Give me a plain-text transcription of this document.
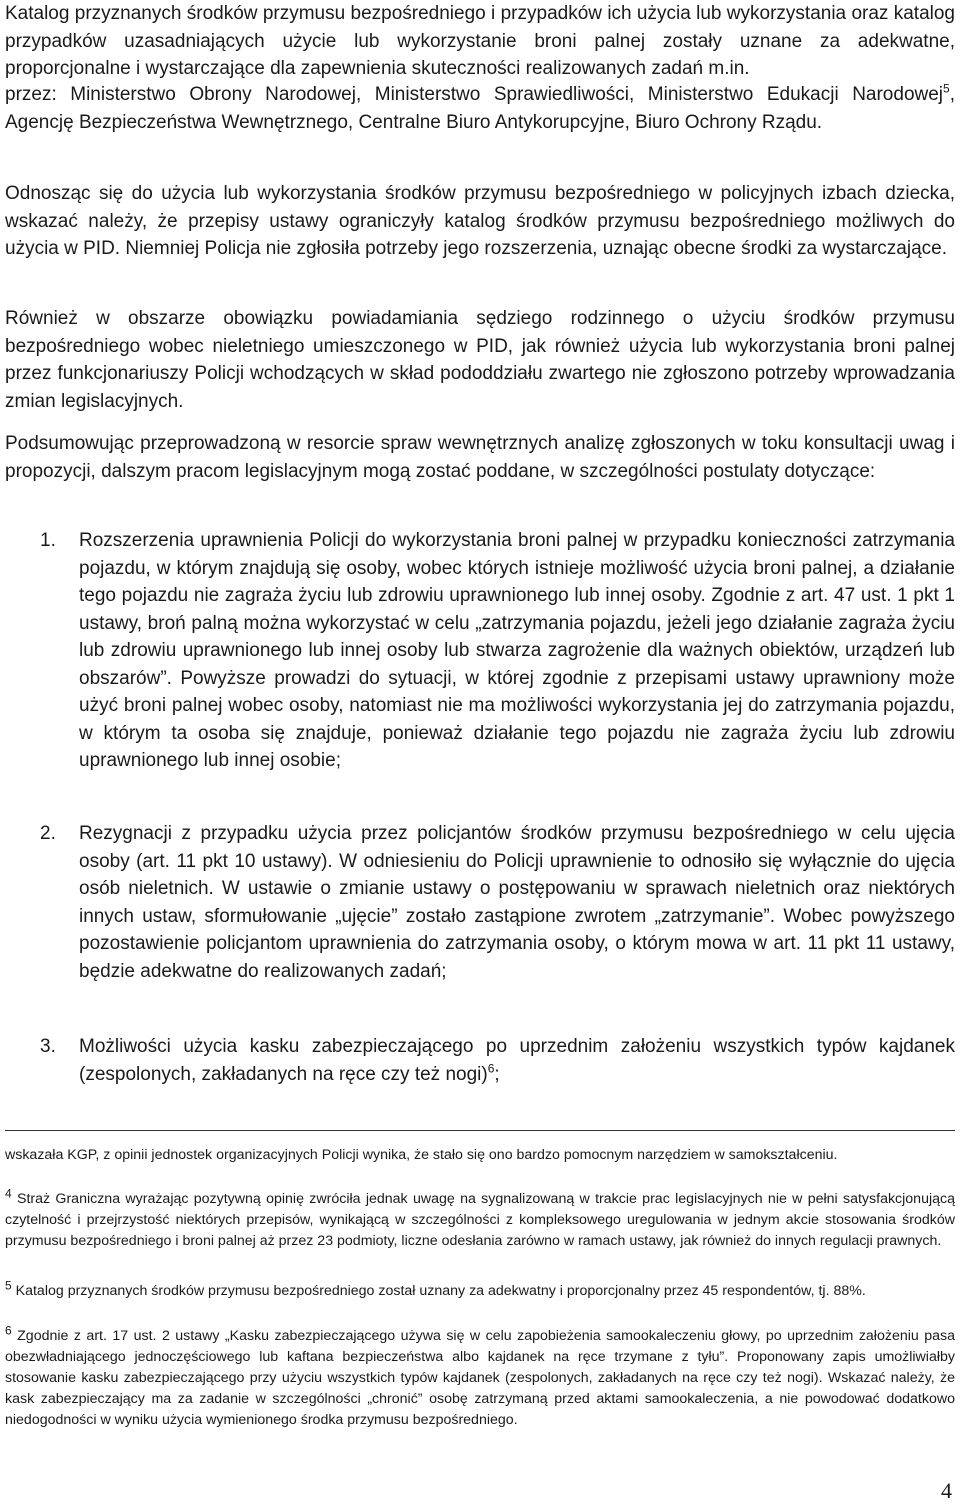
Katalog przyznanych środków przymusu bezpośredniego i przypadków ich użycia lub wykorzystania oraz katalog przypadków uzasadniających użycie lub wykorzystanie broni palnej zostały uznane za adekwatne, proporcjonalne i wystarczające dla zapewnienia skuteczności realizowanych zadań m.in.

przez: Ministerstwo Obrony Narodowej, Ministerstwo Sprawiedliwości, Ministerstwo Edukacji Narodowej$^5$, Agencję Bezpieczeństwa Wewnętrznego, Centralne Biuro Antykorupcyjne, Biuro Ochrony Rządu.

Odnosząc się do użycia lub wykorzystania środków przymusu bezpośredniego w policyjnych izbach dziecka, wskazać należy, że przepisy ustawy ograniczyły katalog środków przymusu bezpośredniego możliwych do użycia w PID. Niemniej Policja nie zgłosiła potrzeby jego rozszerzenia, uznając obecne środki za wystarczające.

Również w obszarze obowiązku powiadamiania sędziego rodzinnego o użyciu środków przymusu bezpośredniego wobec nieletniego umieszczonego w PID, jak również użycia lub wykorzystania broni palnej przez funkcjonariuszy Policji wchodzących w skład pododdziału zwartego nie zgłoszono potrzeby wprowadzania zmian legislacyjnych.

Podsumowując przeprowadzoną w resorcie spraw wewnętrznych analizę zgłoszonych w toku konsultacji uwag i propozycji, dalszym pracom legislacyjnym mogą zostać poddane, w szczególności postulaty dotyczące:

1.	Rozszerzenia uprawnienia Policji do wykorzystania broni palnej w przypadku konieczności zatrzymania pojazdu, w którym znajdują się osoby, wobec których istnieje możliwość użycia broni palnej, a działanie tego pojazdu nie zagraża życiu lub zdrowiu uprawnionego lub innej osoby. Zgodnie z art. 47 ust. 1 pkt 1 ustawy, broń palną można wykorzystać w celu „zatrzymania pojazdu, jeżeli jego działanie zagraża życiu lub zdrowiu uprawnionego lub innej osoby lub stwarza zagrożenie dla ważnych obiektów, urządzeń lub obszarów”. Powyższe prowadzi do sytuacji, w której zgodnie z przepisami ustawy uprawniony może użyć broni palnej wobec osoby, natomiast nie ma możliwości wykorzystania jej do zatrzymania pojazdu, w którym ta osoba się znajduje, ponieważ działanie tego pojazdu nie zagraża życiu lub zdrowiu uprawnionego lub innej osobie;

2.	Rezygnacji z przypadku użycia przez policjantów środków przymusu bezpośredniego w celu ujęcia osoby (art. 11 pkt 10 ustawy). W odniesieniu do Policji uprawnienie to odnosiło się wyłącznie do ujęcia osób nieletnich. W ustawie o zmianie ustawy o postępowaniu w sprawach nieletnich oraz niektórych innych ustaw, sformułowanie „ujęcie” zostało zastąpione zwrotem „zatrzymanie”. Wobec powyższego pozostawienie policjantom uprawnienia do zatrzymania osoby, o którym mowa w art. 11 pkt 11 ustawy, będzie adekwatne do realizowanych zadań;

3.	Możliwości użycia kasku zabezpieczającego po uprzednim założeniu wszystkich typów kajdanek (zespolonych, zakładanych na ręce czy też nogi)$^6$;

wskazała KGP, z opinii jednostek organizacyjnych Policji wynika, że stało się ono bardzo pomocnym narzędziem w samokształceniu.

$^4$ Straż Graniczna wyrażając pozytywną opinię zwróciła jednak uwagę na sygnalizowaną w trakcie prac legislacyjnych nie w pełni satysfakcjonującą czytelność i przejrzystość niektórych przepisów, wynikającą w szczególności z kompleksowego uregulowania w jednym akcie stosowania środków przymusu bezpośredniego i broni palnej aż przez 23 podmioty, liczne odesłania zarówno w ramach ustawy, jak również do innych regulacji prawnych.

$^5$ Katalog przyznanych środków przymusu bezpośredniego został uznany za adekwatny i proporcjonalny przez 45 respondentów, tj. 88%.

$^6$ Zgodnie z art. 17 ust. 2 ustawy „Kasku zabezpieczającego używa się w celu zapobieżenia samookaleczeniu głowy, po uprzednim założeniu pasa obezwładniającego jednoczęściowego lub kaftana bezpieczeństwa albo kajdanek na ręce trzymane z tyłu”. Proponowany zapis umożliwiałby stosowanie kasku zabezpieczającego przy użyciu wszystkich typów kajdanek (zespolonych, zakładanych na ręce czy też nogi). Wskazać należy, że kask zabezpieczający ma za zadanie w szczególności „chronić” osobę zatrzymaną przed aktami samookaleczenia, a nie powodować dodatkowo niedogodności w wyniku użycia wymienionego środka przymusu bezpośredniego.

4
